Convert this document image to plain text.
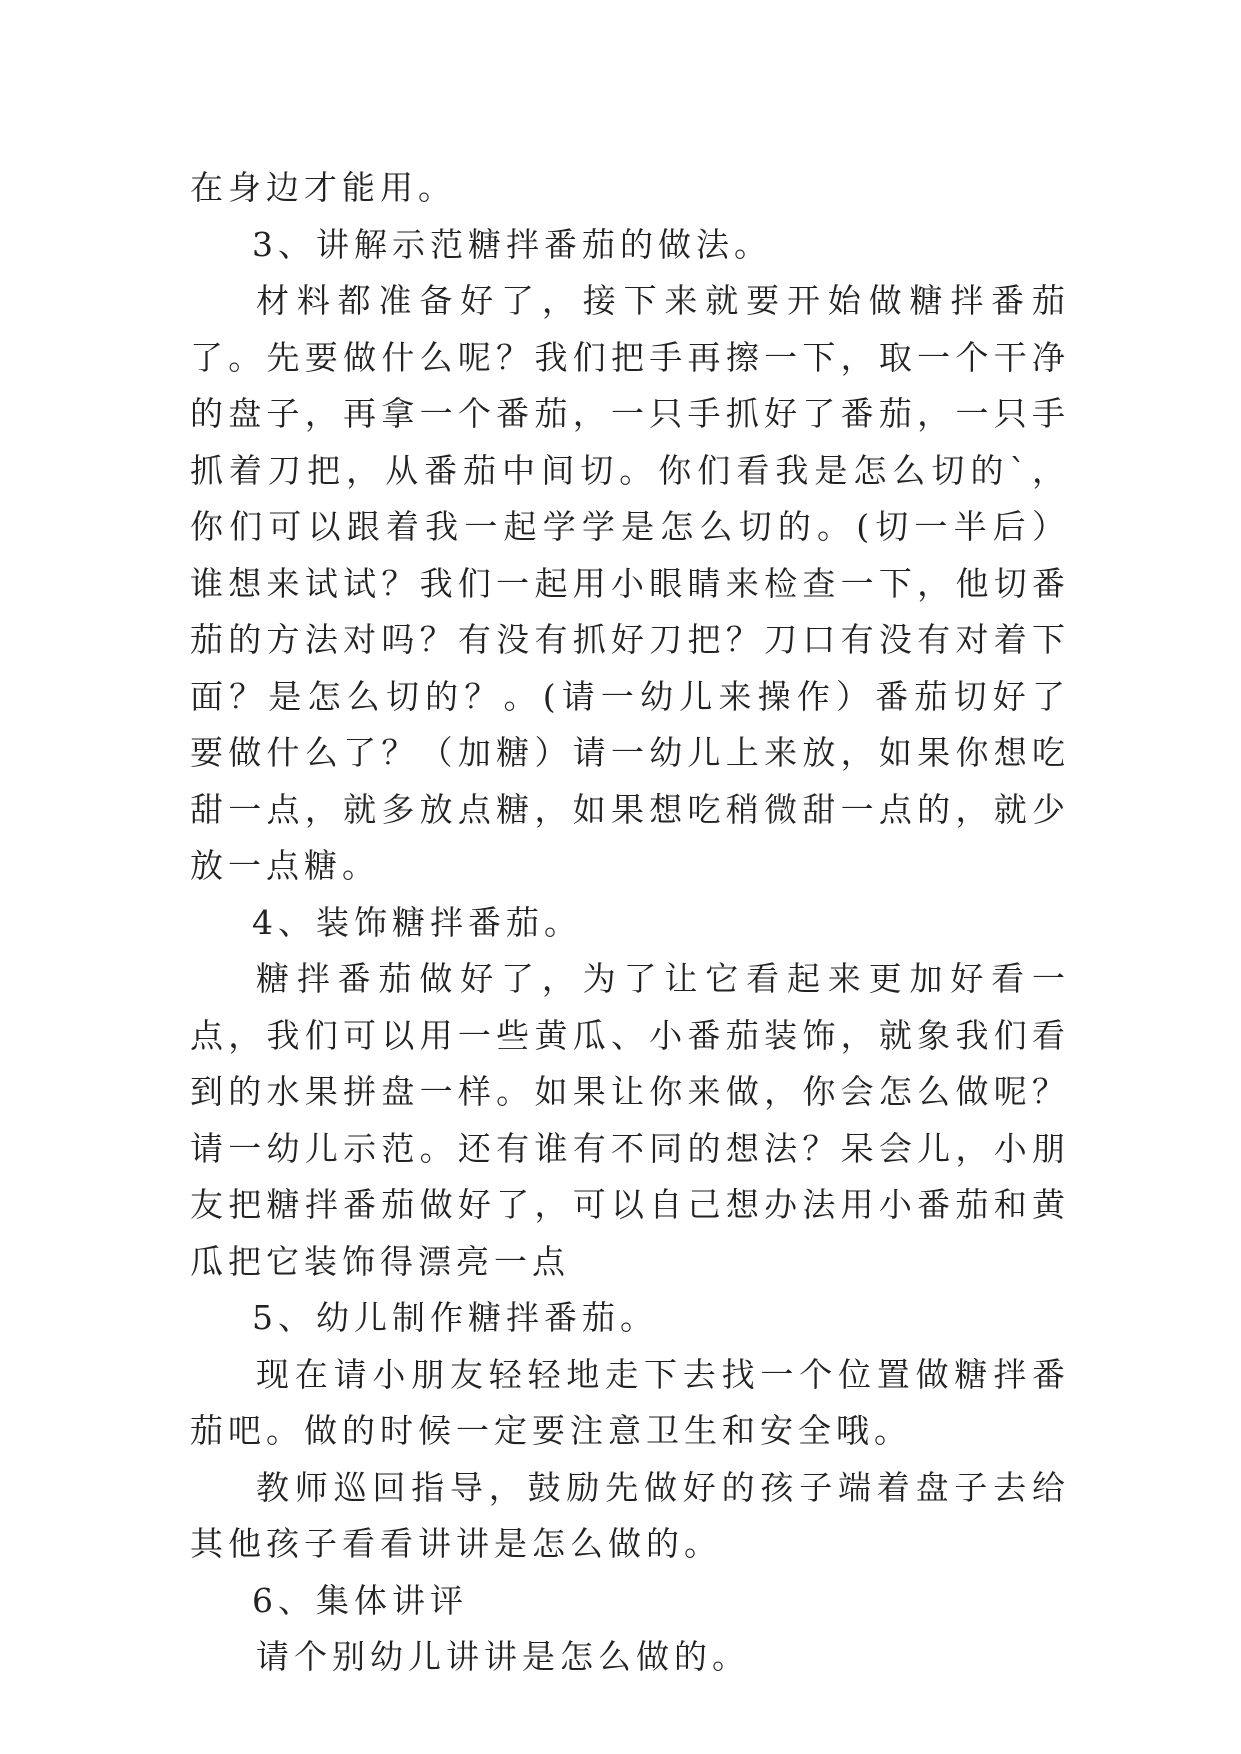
在身边才能用。

3、讲解示范糖拌番茄的做法。

材料都准备好了，接下来就要开始做糖拌番茄了。先要做什么呢？我们把手再擦一下，取一个干净的盘子，再拿一个番茄，一只手抓好了番茄，一只手抓着刀把，从番茄中间切。你们看我是怎么切的`，你们可以跟着我一起学学是怎么切的。(切一半后）谁想来试试？我们一起用小眼睛来检查一下，他切番茄的方法对吗？有没有抓好刀把？刀口有没有对着下面？是怎么切的？。(请一幼儿来操作）番茄切好了要做什么了？（加糖）请一幼儿上来放，如果你想吃甜一点，就多放点糖，如果想吃稍微甜一点的，就少放一点糖。

4、装饰糖拌番茄。

糖拌番茄做好了，为了让它看起来更加好看一点，我们可以用一些黄瓜、小番茄装饰，就象我们看到的水果拼盘一样。如果让你来做，你会怎么做呢？请一幼儿示范。还有谁有不同的想法？呆会儿，小朋友把糖拌番茄做好了，可以自己想办法用小番茄和黄瓜把它装饰得漂亮一点

5、幼儿制作糖拌番茄。

现在请小朋友轻轻地走下去找一个位置做糖拌番茄吧。做的时候一定要注意卫生和安全哦。

教师巡回指导，鼓励先做好的孩子端着盘子去给其他孩子看看讲讲是怎么做的。

6、集体讲评

请个别幼儿讲讲是怎么做的。
